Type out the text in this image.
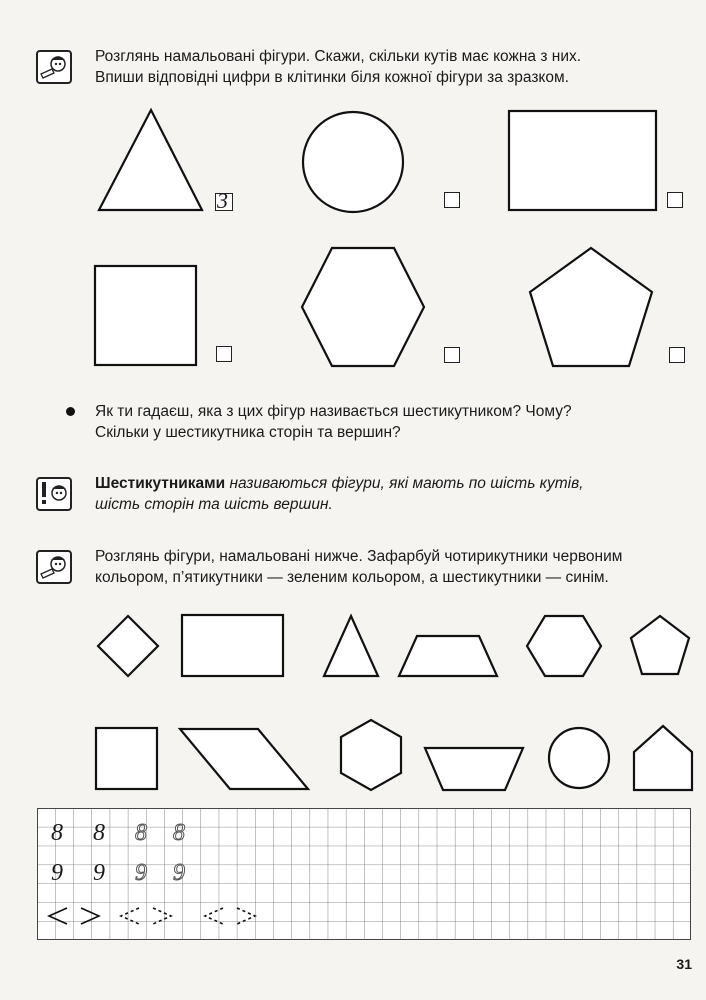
Розглянь намальовані фігури. Скажи, скільки кутів має кожна з них.
Впиши відповідні цифри в клітинки біля кожної фігури за зразком.
3
Як ти гадаєш, яка з цих фігур називається шестикутником? Чому?
Скільки у шестикутника сторін та вершин?
Шестикутниками називаються фігури, які мають по шість кутів,
шість сторін та шість вершин.
Розглянь фігури, намальовані нижче. Зафарбуй чотирикутники червоним
кольором, п’ятикутники — зеленим кольором, а шестикутники — синім.
8 8 8 8
9 9 9 9
31
